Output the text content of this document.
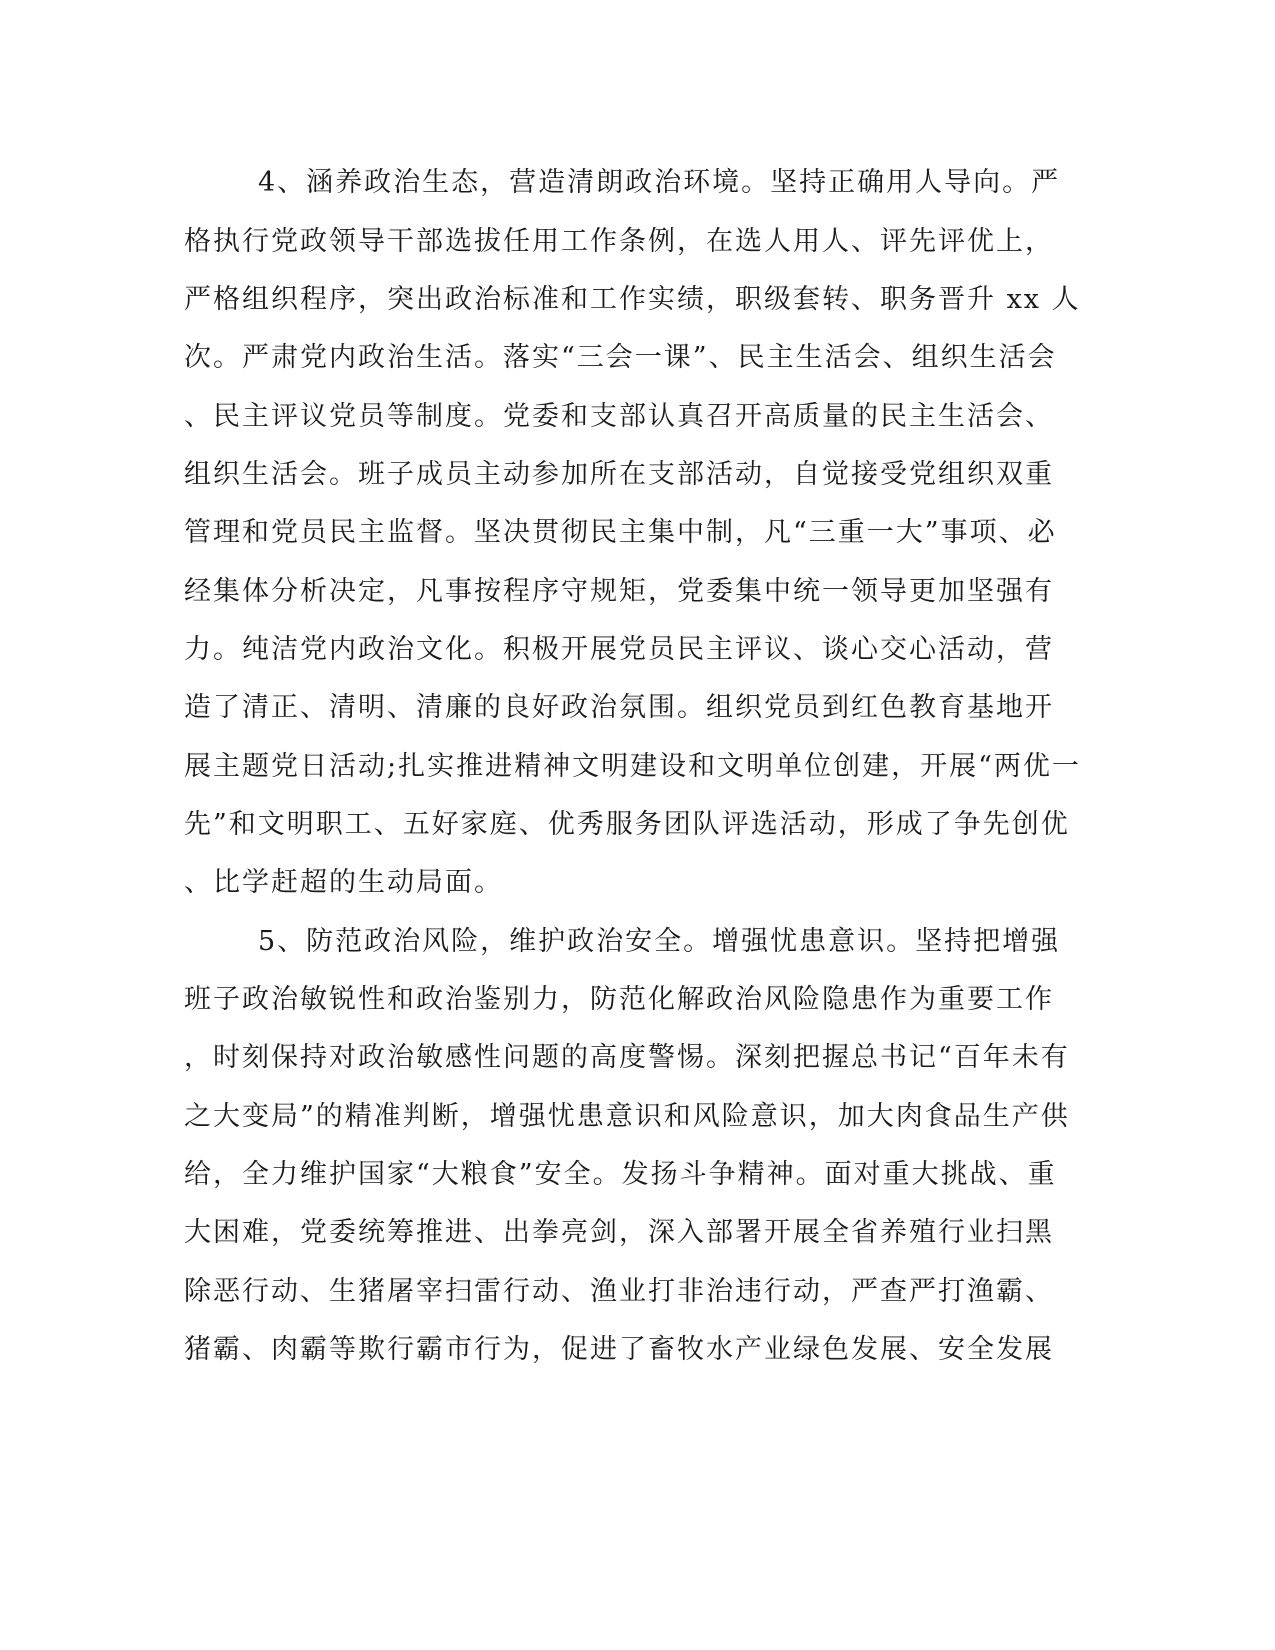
4、涵养政治生态，营造清朗政治环境。坚持正确用人导向。严
格执行党政领导干部选拔任用工作条例，在选人用人、评先评优上，
严格组织程序，突出政治标准和工作实绩，职级套转、职务晋升 xx 人
次。严肃党内政治生活。落实“三会一课”、民主生活会、组织生活会
、民主评议党员等制度。党委和支部认真召开高质量的民主生活会、
组织生活会。班子成员主动参加所在支部活动，自觉接受党组织双重
管理和党员民主监督。坚决贯彻民主集中制，凡“三重一大”事项、必
经集体分析决定，凡事按程序守规矩，党委集中统一领导更加坚强有
力。纯洁党内政治文化。积极开展党员民主评议、谈心交心活动，营
造了清正、清明、清廉的良好政治氛围。组织党员到红色教育基地开
展主题党日活动;扎实推进精神文明建设和文明单位创建，开展“两优一
先”和文明职工、五好家庭、优秀服务团队评选活动，形成了争先创优
、比学赶超的生动局面。
5、防范政治风险，维护政治安全。增强忧患意识。坚持把增强
班子政治敏锐性和政治鉴别力，防范化解政治风险隐患作为重要工作
，时刻保持对政治敏感性问题的高度警惕。深刻把握总书记“百年未有
之大变局”的精准判断，增强忧患意识和风险意识，加大肉食品生产供
给，全力维护国家“大粮食”安全。发扬斗争精神。面对重大挑战、重
大困难，党委统筹推进、出拳亮剑，深入部署开展全省养殖行业扫黑
除恶行动、生猪屠宰扫雷行动、渔业打非治违行动，严查严打渔霸、
猪霸、肉霸等欺行霸市行为，促进了畜牧水产业绿色发展、安全发展
